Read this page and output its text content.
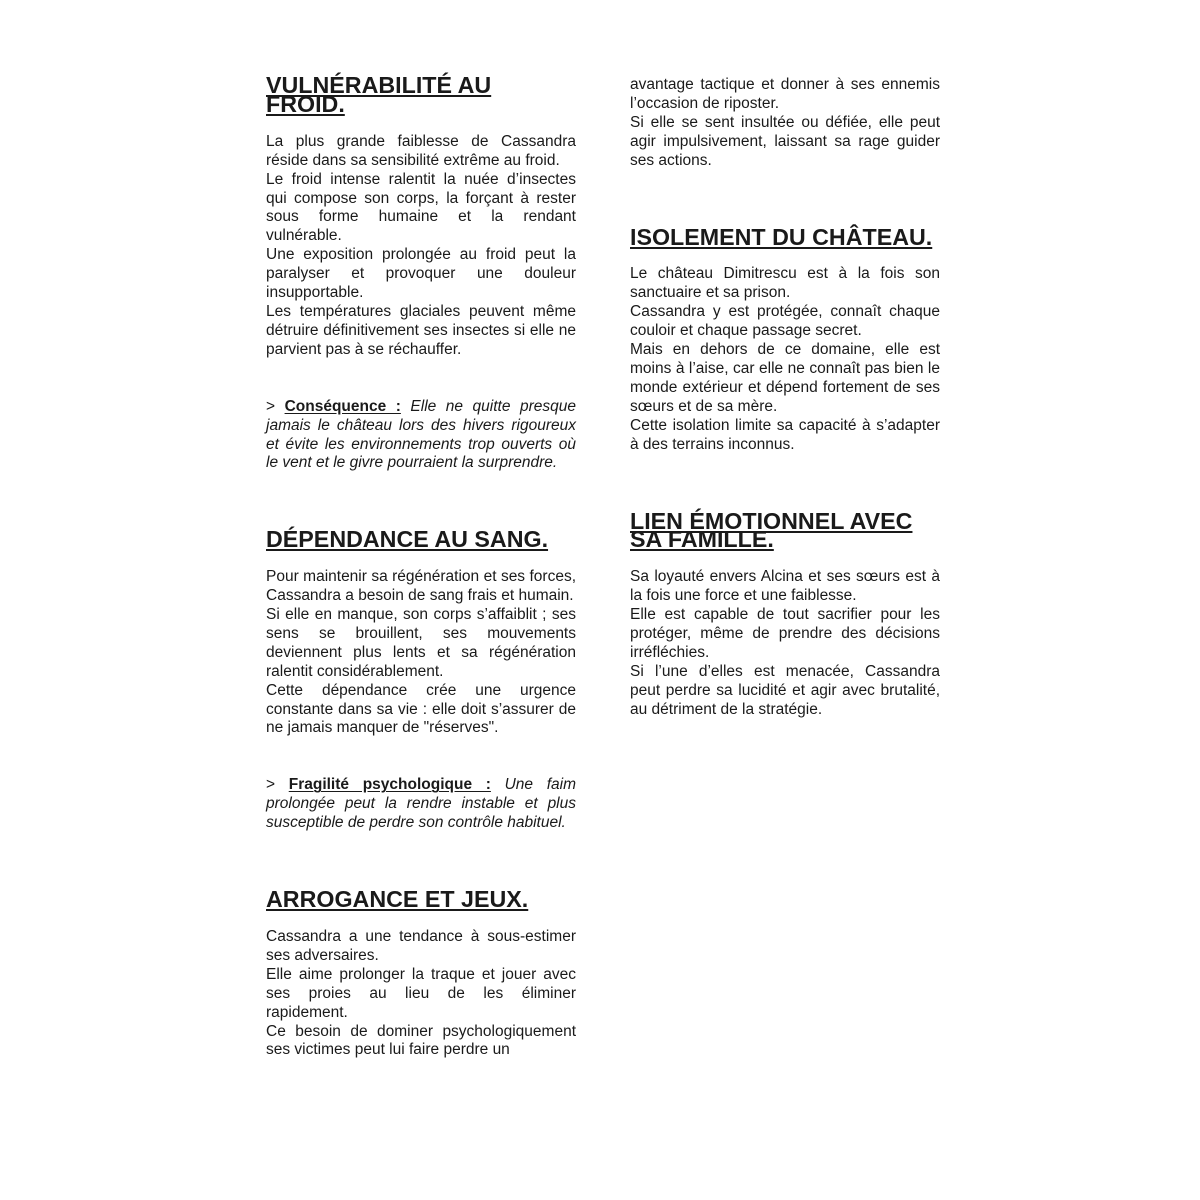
VULNÉRABILITÉ AU FROID.

La plus grande faiblesse de Cassandra réside dans sa sensibilité extrême au froid.

Le froid intense ralentit la nuée d’insectes qui compose son corps, la forçant à rester sous forme humaine et la rendant vulnérable.

Une exposition prolongée au froid peut la paralyser et provoquer une douleur insupportable.

Les températures glaciales peuvent même détruire définitivement ses insectes si elle ne parvient pas à se réchauffer.

> Conséquence : Elle ne quitte presque jamais le château lors des hivers rigoureux et évite les environnements trop ouverts où le vent et le givre pourraient la surprendre.

DÉPENDANCE AU SANG.

Pour maintenir sa régénération et ses forces, Cassandra a besoin de sang frais et humain.

Si elle en manque, son corps s’affaiblit ; ses sens se brouillent, ses mouvements deviennent plus lents et sa régénération ralentit considérablement.

Cette dépendance crée une urgence constante dans sa vie : elle doit s’assurer de ne jamais manquer de "réserves".

> Fragilité psychologique : Une faim prolongée peut la rendre instable et plus susceptible de perdre son contrôle habituel.

ARROGANCE ET JEUX.

Cassandra a une tendance à sous-estimer ses adversaires.

Elle aime prolonger la traque et jouer avec ses proies au lieu de les éliminer rapidement.

Ce besoin de dominer psychologiquement ses victimes peut lui faire perdre un

avantage tactique et donner à ses ennemis l’occasion de riposter.

Si elle se sent insultée ou défiée, elle peut agir impulsivement, laissant sa rage guider ses actions.

ISOLEMENT DU CHÂTEAU.

Le château Dimitrescu est à la fois son sanctuaire et sa prison.

Cassandra y est protégée, connaît chaque couloir et chaque passage secret.

Mais en dehors de ce domaine, elle est moins à l’aise, car elle ne connaît pas bien le monde extérieur et dépend fortement de ses sœurs et de sa mère.

Cette isolation limite sa capacité à s’adapter à des terrains inconnus.

LIEN ÉMOTIONNEL AVEC SA FAMILLE.

Sa loyauté envers Alcina et ses sœurs est à la fois une force et une faiblesse.

Elle est capable de tout sacrifier pour les protéger, même de prendre des décisions irréfléchies.

Si l’une d’elles est menacée, Cassandra peut perdre sa lucidité et agir avec brutalité, au détriment de la stratégie.
